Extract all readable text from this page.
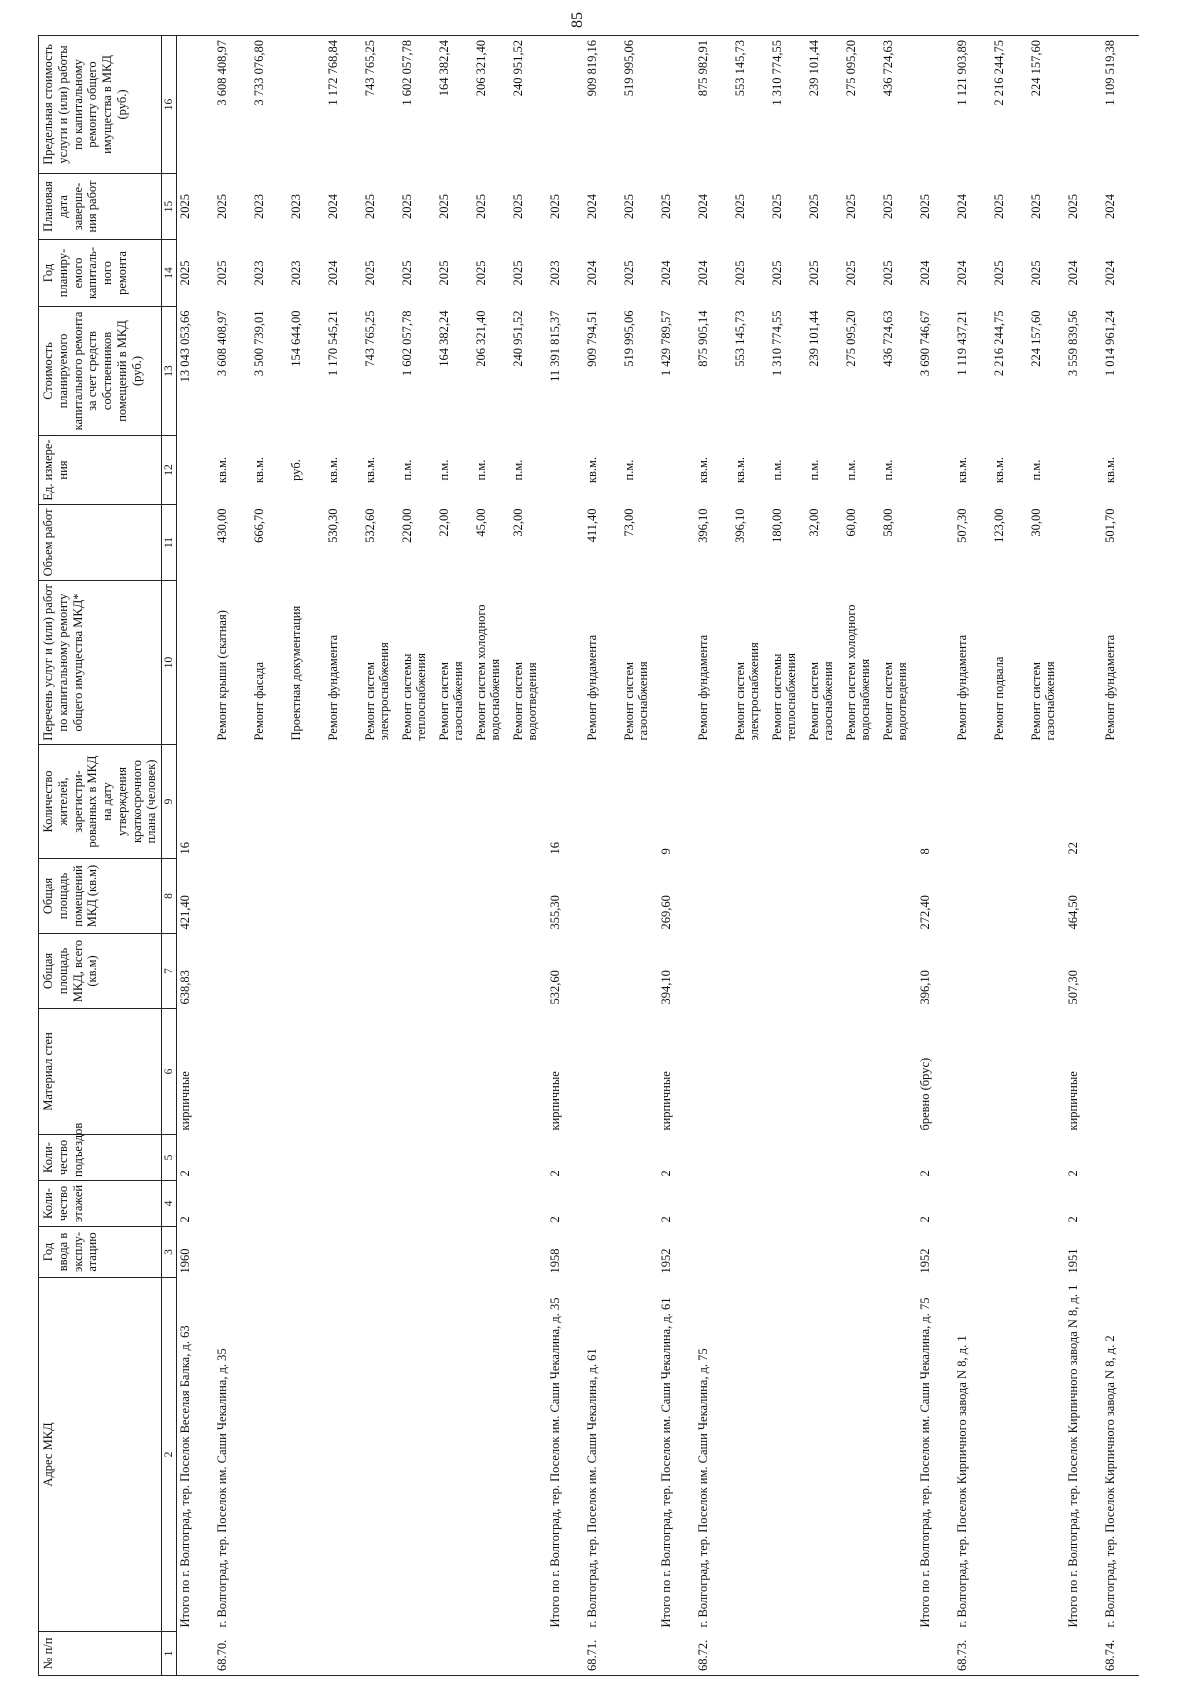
85
№ п/п	Адрес МКД	Год ввода в эксплу-атацию	Коли-чество этажей	Коли-чество подъездов	Материал стен	Общая площадь МКД, всего (кв.м)	Общая площадь помещений МКД (кв.м)	Количество жителей, зарегистри-рованных в МКД на дату утверждения краткосрочного плана (человек)	Перечень услуг и (или) работ по капитальному ремонту общего имущества МКД*	Объем работ	Ед. измере-ния	Стоимость планируемого капитального ремонта за счет средств собственников помещений в МКД (руб.)	Год планиру-емого капиталь-ного ремонта	Плановая дата заверше-ния работ	Предельная стоимость услуги и (или) работы по капитальному ремонту общего имущества в МКД (руб.)
1	2	3	4	5	6	7	8	9	10	11	12	13	14	15	16
	Итого по г. Волгоград, тер. Поселок Веселая Балка, д. 63	1960	2	2	кирпичные	638,83	421,40	16				13 043 053,66	2025	2025	
68.70.	г. Волгоград, тер. Поселок им. Саши Чекалина, д. 35								Ремонт крыши (скатная)	430,00	кв.м.	3 608 408,97	2025	2025	3 608 408,97
									Ремонт фасада	666,70	кв.м.	3 500 739,01	2023	2023	3 733 076,80
									Проектная документация		руб.	154 644,00	2023	2023	
									Ремонт фундамента	530,30	кв.м.	1 170 545,21	2024	2024	1 172 768,84
									Ремонт систем электроснабжения	532,60	кв.м.	743 765,25	2025	2025	743 765,25
									Ремонт системы теплоснабжения	220,00	п.м.	1 602 057,78	2025	2025	1 602 057,78
									Ремонт систем газоснабжения	22,00	п.м.	164 382,24	2025	2025	164 382,24
									Ремонт систем холодного водоснабжения	45,00	п.м.	206 321,40	2025	2025	206 321,40
									Ремонт систем водоотведения	32,00	п.м.	240 951,52	2025	2025	240 951,52
	Итого по г. Волгоград, тер. Поселок им. Саши Чекалина, д. 35	1958	2	2	кирпичные	532,60	355,30	16				11 391 815,37	2023	2025	
68.71.	г. Волгоград, тер. Поселок им. Саши Чекалина, д. 61								Ремонт фундамента	411,40	кв.м.	909 794,51	2024	2024	909 819,16
									Ремонт систем газоснабжения	73,00	п.м.	519 995,06	2025	2025	519 995,06
	Итого по г. Волгоград, тер. Поселок им. Саши Чекалина, д. 61	1952	2	2	кирпичные	394,10	269,60	9				1 429 789,57	2024	2025	
68.72.	г. Волгоград, тер. Поселок им. Саши Чекалина, д. 75								Ремонт фундамента	396,10	кв.м.	875 905,14	2024	2024	875 982,91
									Ремонт систем электроснабжения	396,10	кв.м.	553 145,73	2025	2025	553 145,73
									Ремонт системы теплоснабжения	180,00	п.м.	1 310 774,55	2025	2025	1 310 774,55
									Ремонт систем газоснабжения	32,00	п.м.	239 101,44	2025	2025	239 101,44
									Ремонт систем холодного водоснабжения	60,00	п.м.	275 095,20	2025	2025	275 095,20
									Ремонт систем водоотведения	58,00	п.м.	436 724,63	2025	2025	436 724,63
	Итого по г. Волгоград, тер. Поселок им. Саши Чекалина, д. 75	1952	2	2	бревно (брус)	396,10	272,40	8				3 690 746,67	2024	2025	
68.73.	г. Волгоград, тер. Поселок Кирпичного завода N 8, д. 1								Ремонт фундамента	507,30	кв.м.	1 119 437,21	2024	2024	1 121 903,89
									Ремонт подвала	123,00	кв.м.	2 216 244,75	2025	2025	2 216 244,75
									Ремонт систем газоснабжения	30,00	п.м.	224 157,60	2025	2025	224 157,60
	Итого по г. Волгоград, тер. Поселок Кирпичного завода N 8, д. 1	1951	2	2	кирпичные	507,30	464,50	22				3 559 839,56	2024	2025	
68.74.	г. Волгоград, тер. Поселок Кирпичного завода N 8, д. 2								Ремонт фундамента	501,70	кв.м.	1 014 961,24	2024	2024	1 109 519,38
